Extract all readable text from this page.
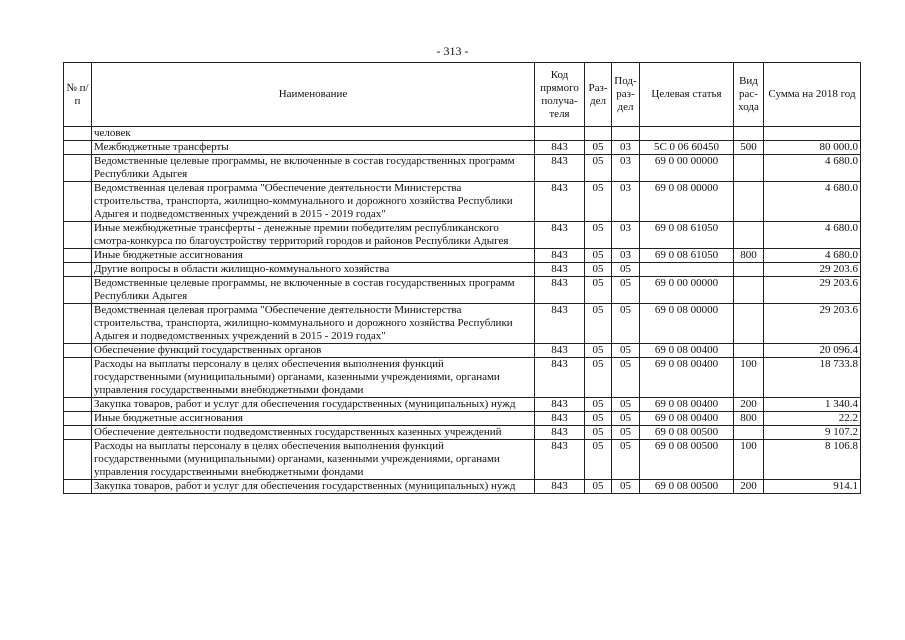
- 313 -
№ п/п	Наименование	Код прямого получа-теля	Раз-дел	Под-раз-дел	Целевая статья	Вид рас-хода	Сумма на 2018 год
	человек						
	Межбюджетные трансферты	843	05	03	5С 0 06 60450	500	80 000.0
	Ведомственные целевые программы, не включенные в состав государственных программ Республики Адыгея	843	05	03	69 0 00 00000		4 680.0
	Ведомственная целевая программа "Обеспечение деятельности Министерства строительства, транспорта, жилищно-коммунального и дорожного хозяйства Республики Адыгея и подведомственных учреждений в 2015 - 2019 годах"	843	05	03	69 0 08 00000		4 680.0
	Иные межбюджетные трансферты - денежные премии победителям республиканского смотра-конкурса по благоустройству территорий городов и районов Республики Адыгея	843	05	03	69 0 08 61050		4 680.0
	Иные бюджетные ассигнования	843	05	03	69 0 08 61050	800	4 680.0
	Другие вопросы в области жилищно-коммунального хозяйства	843	05	05			29 203.6
	Ведомственные целевые программы, не включенные в состав государственных программ Республики Адыгея	843	05	05	69 0 00 00000		29 203.6
	Ведомственная целевая программа "Обеспечение деятельности Министерства строительства, транспорта, жилищно-коммунального и дорожного хозяйства Республики Адыгея и подведомственных учреждений в 2015 - 2019 годах"	843	05	05	69 0 08 00000		29 203.6
	Обеспечение функций государственных органов	843	05	05	69 0 08 00400		20 096.4
	Расходы на выплаты персоналу в целях обеспечения выполнения функций государственными (муниципальными) органами, казенными учреждениями, органами управления государственными внебюджетными фондами	843	05	05	69 0 08 00400	100	18 733.8
	Закупка товаров, работ и услуг для обеспечения государственных (муниципальных) нужд	843	05	05	69 0 08 00400	200	1 340.4
	Иные бюджетные ассигнования	843	05	05	69 0 08 00400	800	22.2
	Обеспечение деятельности подведомственных государственных казенных учреждений	843	05	05	69 0 08 00500		9 107.2
	Расходы на выплаты персоналу в целях обеспечения выполнения функций государственными (муниципальными) органами, казенными учреждениями, органами управления государственными внебюджетными фондами	843	05	05	69 0 08 00500	100	8 106.8
	Закупка товаров, работ и услуг для обеспечения государственных (муниципальных) нужд	843	05	05	69 0 08 00500	200	914.1
